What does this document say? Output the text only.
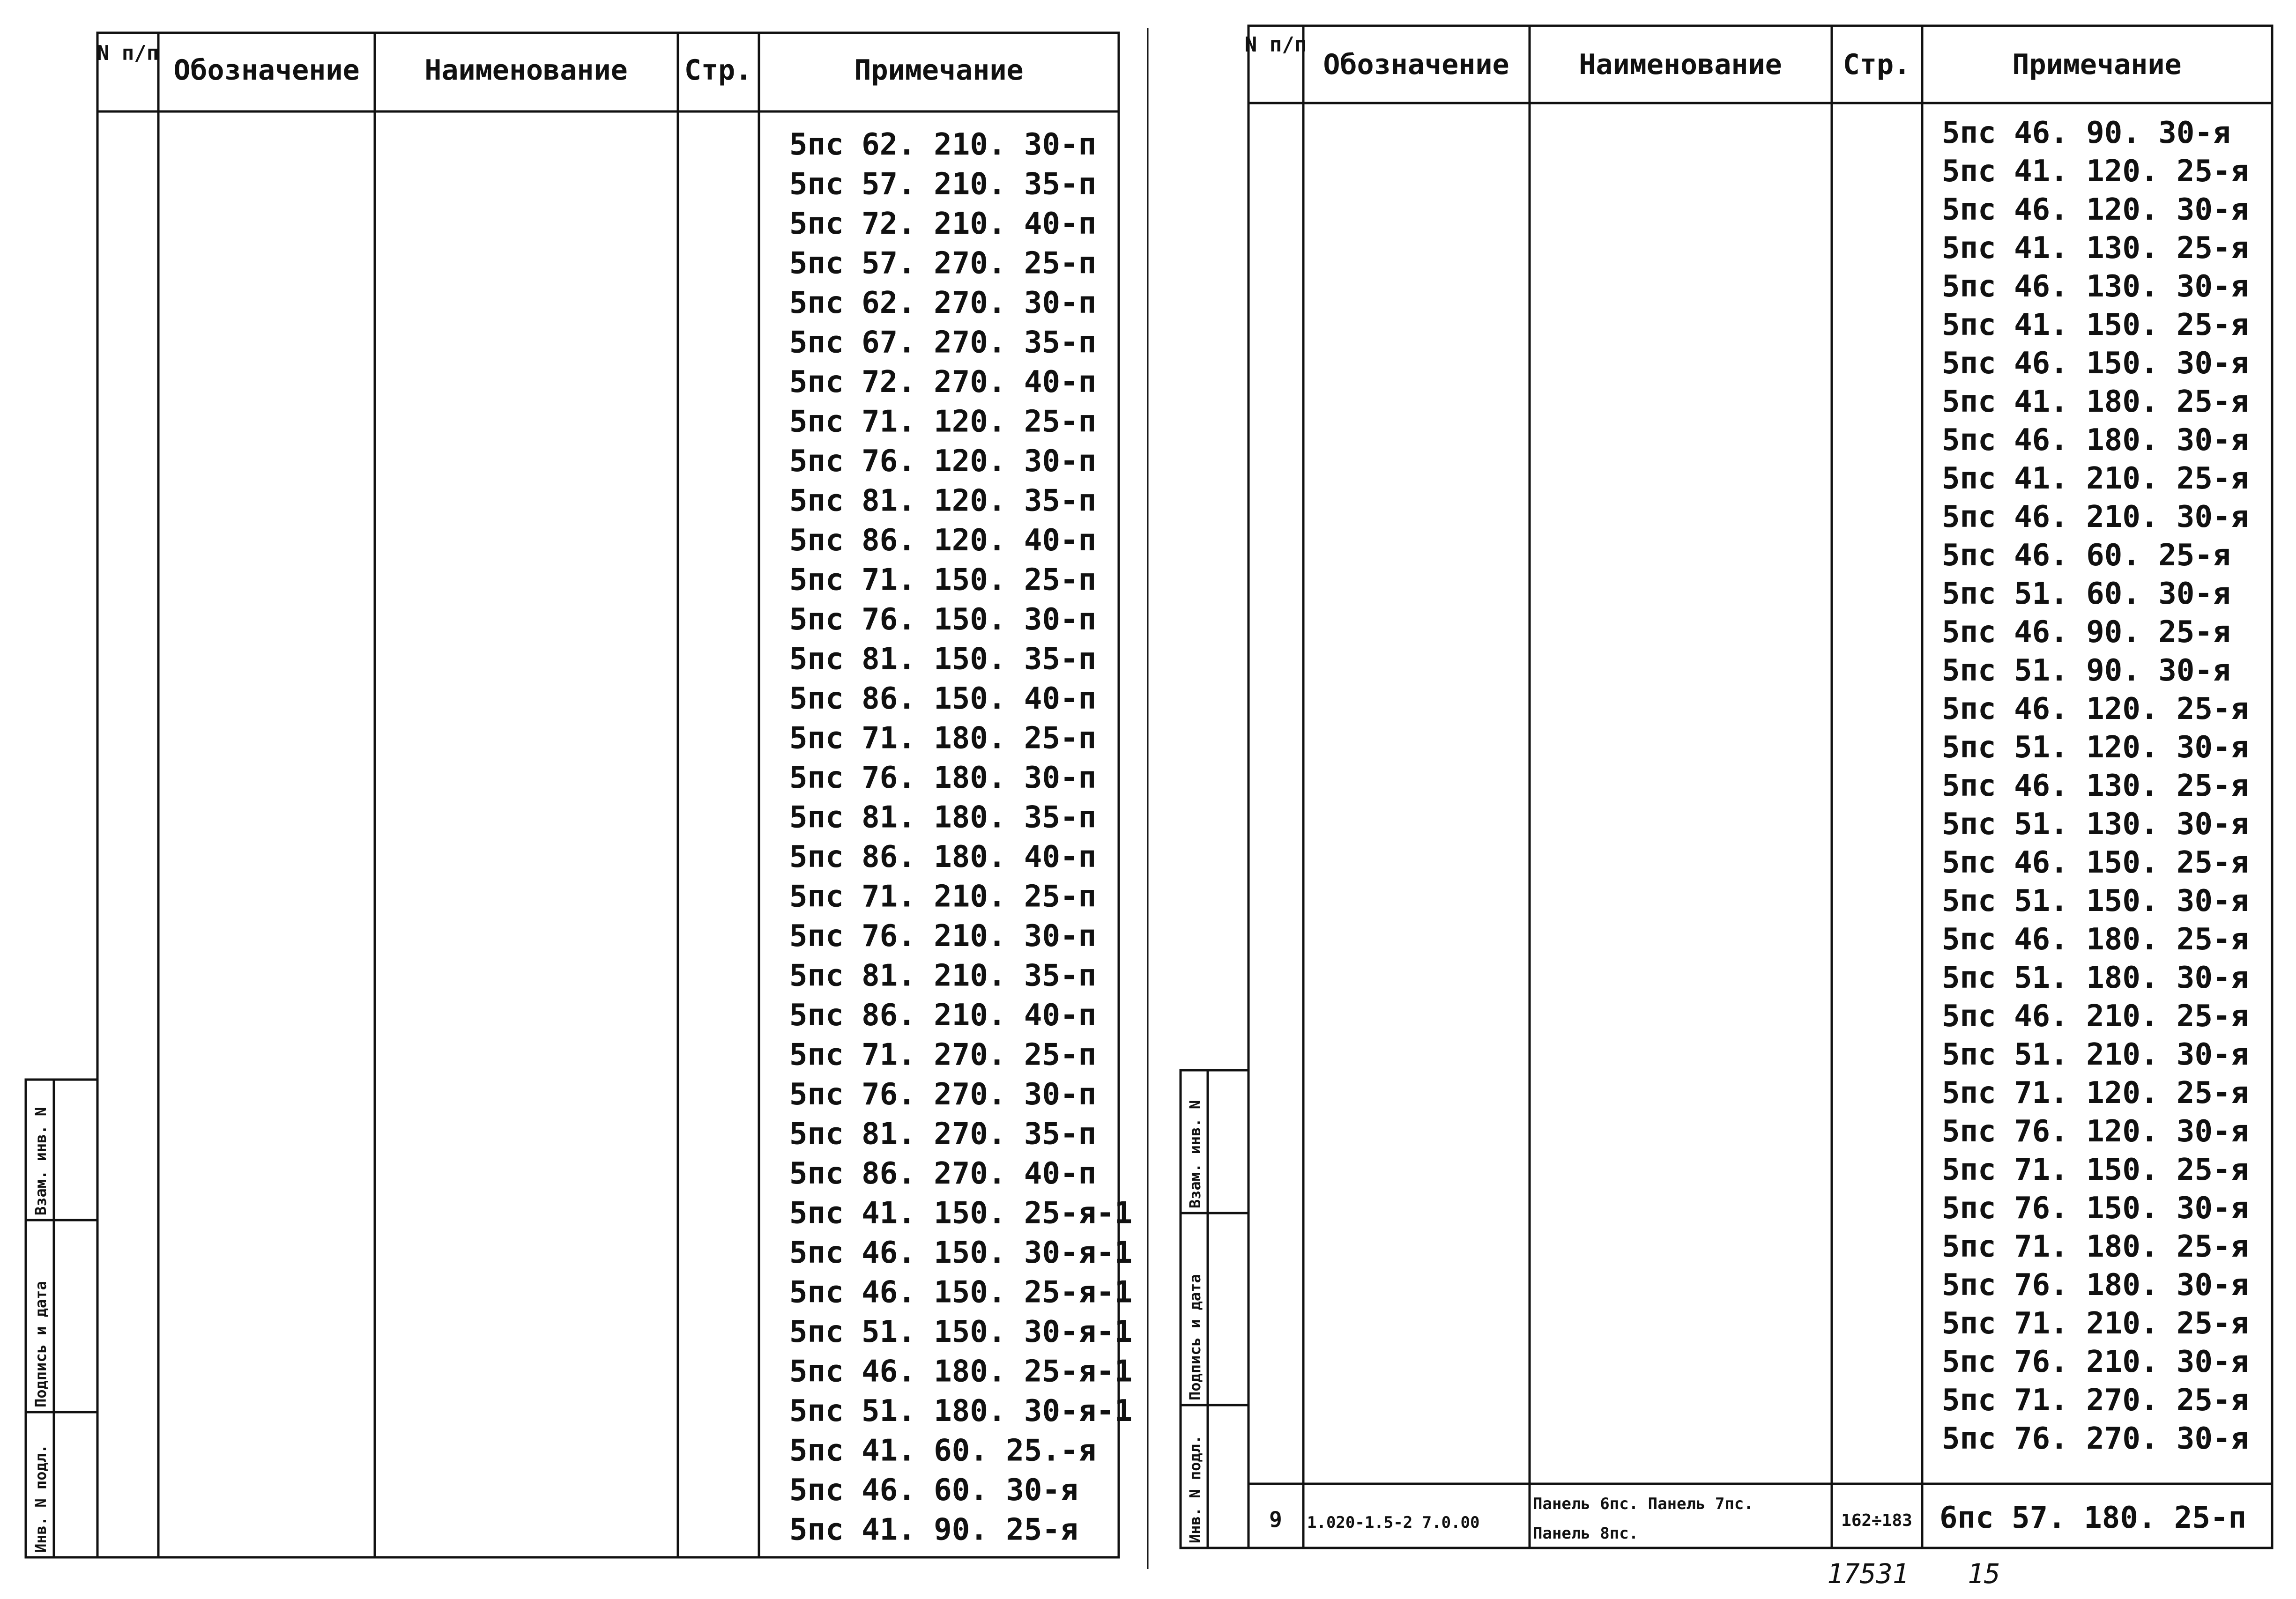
N п/п
Обозначение Наименование Стр.	Примечание
5пс 62. 210. 30-п
5пс 57. 210. 35-п
5пс 72. 210. 40-п
5пс 57. 270. 25-п
5пс 62. 270. 30-п
5пс 67. 270. 35-п
5пс 72. 270. 40-п
5пс 71. 120. 25-п
5пс 76. 120. 30-п
5пс 81. 120. 35-п
5пс 86. 120. 40-п
5пс 71. 150. 25-п
5пс 76. 150. 30-п
5пс 81. 150. 35-п
5пс 86. 150. 40-п
5пс 71. 180. 25-п
5пс 76. 180. 30-п
5пс 81. 180. 35-п
5пс 86. 180. 40-п
5пс 71. 210. 25-п
5пс 76. 210. 30-п
5пс 81. 210. 35-п
5пс 86. 210. 40-п
5пс 71. 270. 25-п
5пс 76. 270. 30-п
5пс 81. 270. 35-п
5пс 86. 270. 40-п
5пс 41. 150. 25-я-1
5пс 46. 150. 30-я-1
5пс 46. 150. 25-я-1
5пс 51. 150. 30-я-1
5пс 46. 180. 25-я-1
5пс 51. 180. 30-я-1
5пс 41. 60. 25.-я
5пс 46. 60. 30-я
5пс 41. 90. 25-я
Инв. N подл.
Подпись и дата
Взам. инв. N
N п/п
Обозначение Наименование Стр.	Примечание
5пс 46. 90. 30-я
5пс 41. 120. 25-я
5пс 46. 120. 30-я
5пс 41. 130. 25-я
5пс 46. 130. 30-я
5пс 41. 150. 25-я
5пс 46. 150. 30-я
5пс 41. 180. 25-я
5пс 46. 180. 30-я
5пс 41. 210. 25-я
5пс 46. 210. 30-я
5пс 46. 60. 25-я
5пс 51. 60. 30-я
5пс 46. 90. 25-я
5пс 51. 90. 30-я
5пс 46. 120. 25-я
5пс 51. 120. 30-я
5пс 46. 130. 25-я
5пс 51. 130. 30-я
5пс 46. 150. 25-я
5пс 51. 150. 30-я
5пс 46. 180. 25-я
5пс 51. 180. 30-я
5пс 46. 210. 25-я
5пс 51. 210. 30-я
5пс 71. 120. 25-я
5пс 76. 120. 30-я
5пс 71. 150. 25-я
5пс 76. 150. 30-я
5пс 71. 180. 25-я
5пс 76. 180. 30-я
5пс 71. 210. 25-я
5пс 76. 210. 30-я
5пс 71. 270. 25-я
5пс 76. 270. 30-я
9 1.020-1.5-2 7.0.00
Панель 6пс. Панель 7пс.
Панель 8пс.
162÷183 6пс 57. 180. 25-п
Инв. N подл.
Подпись и дата
Взам. инв. N
17531 15
